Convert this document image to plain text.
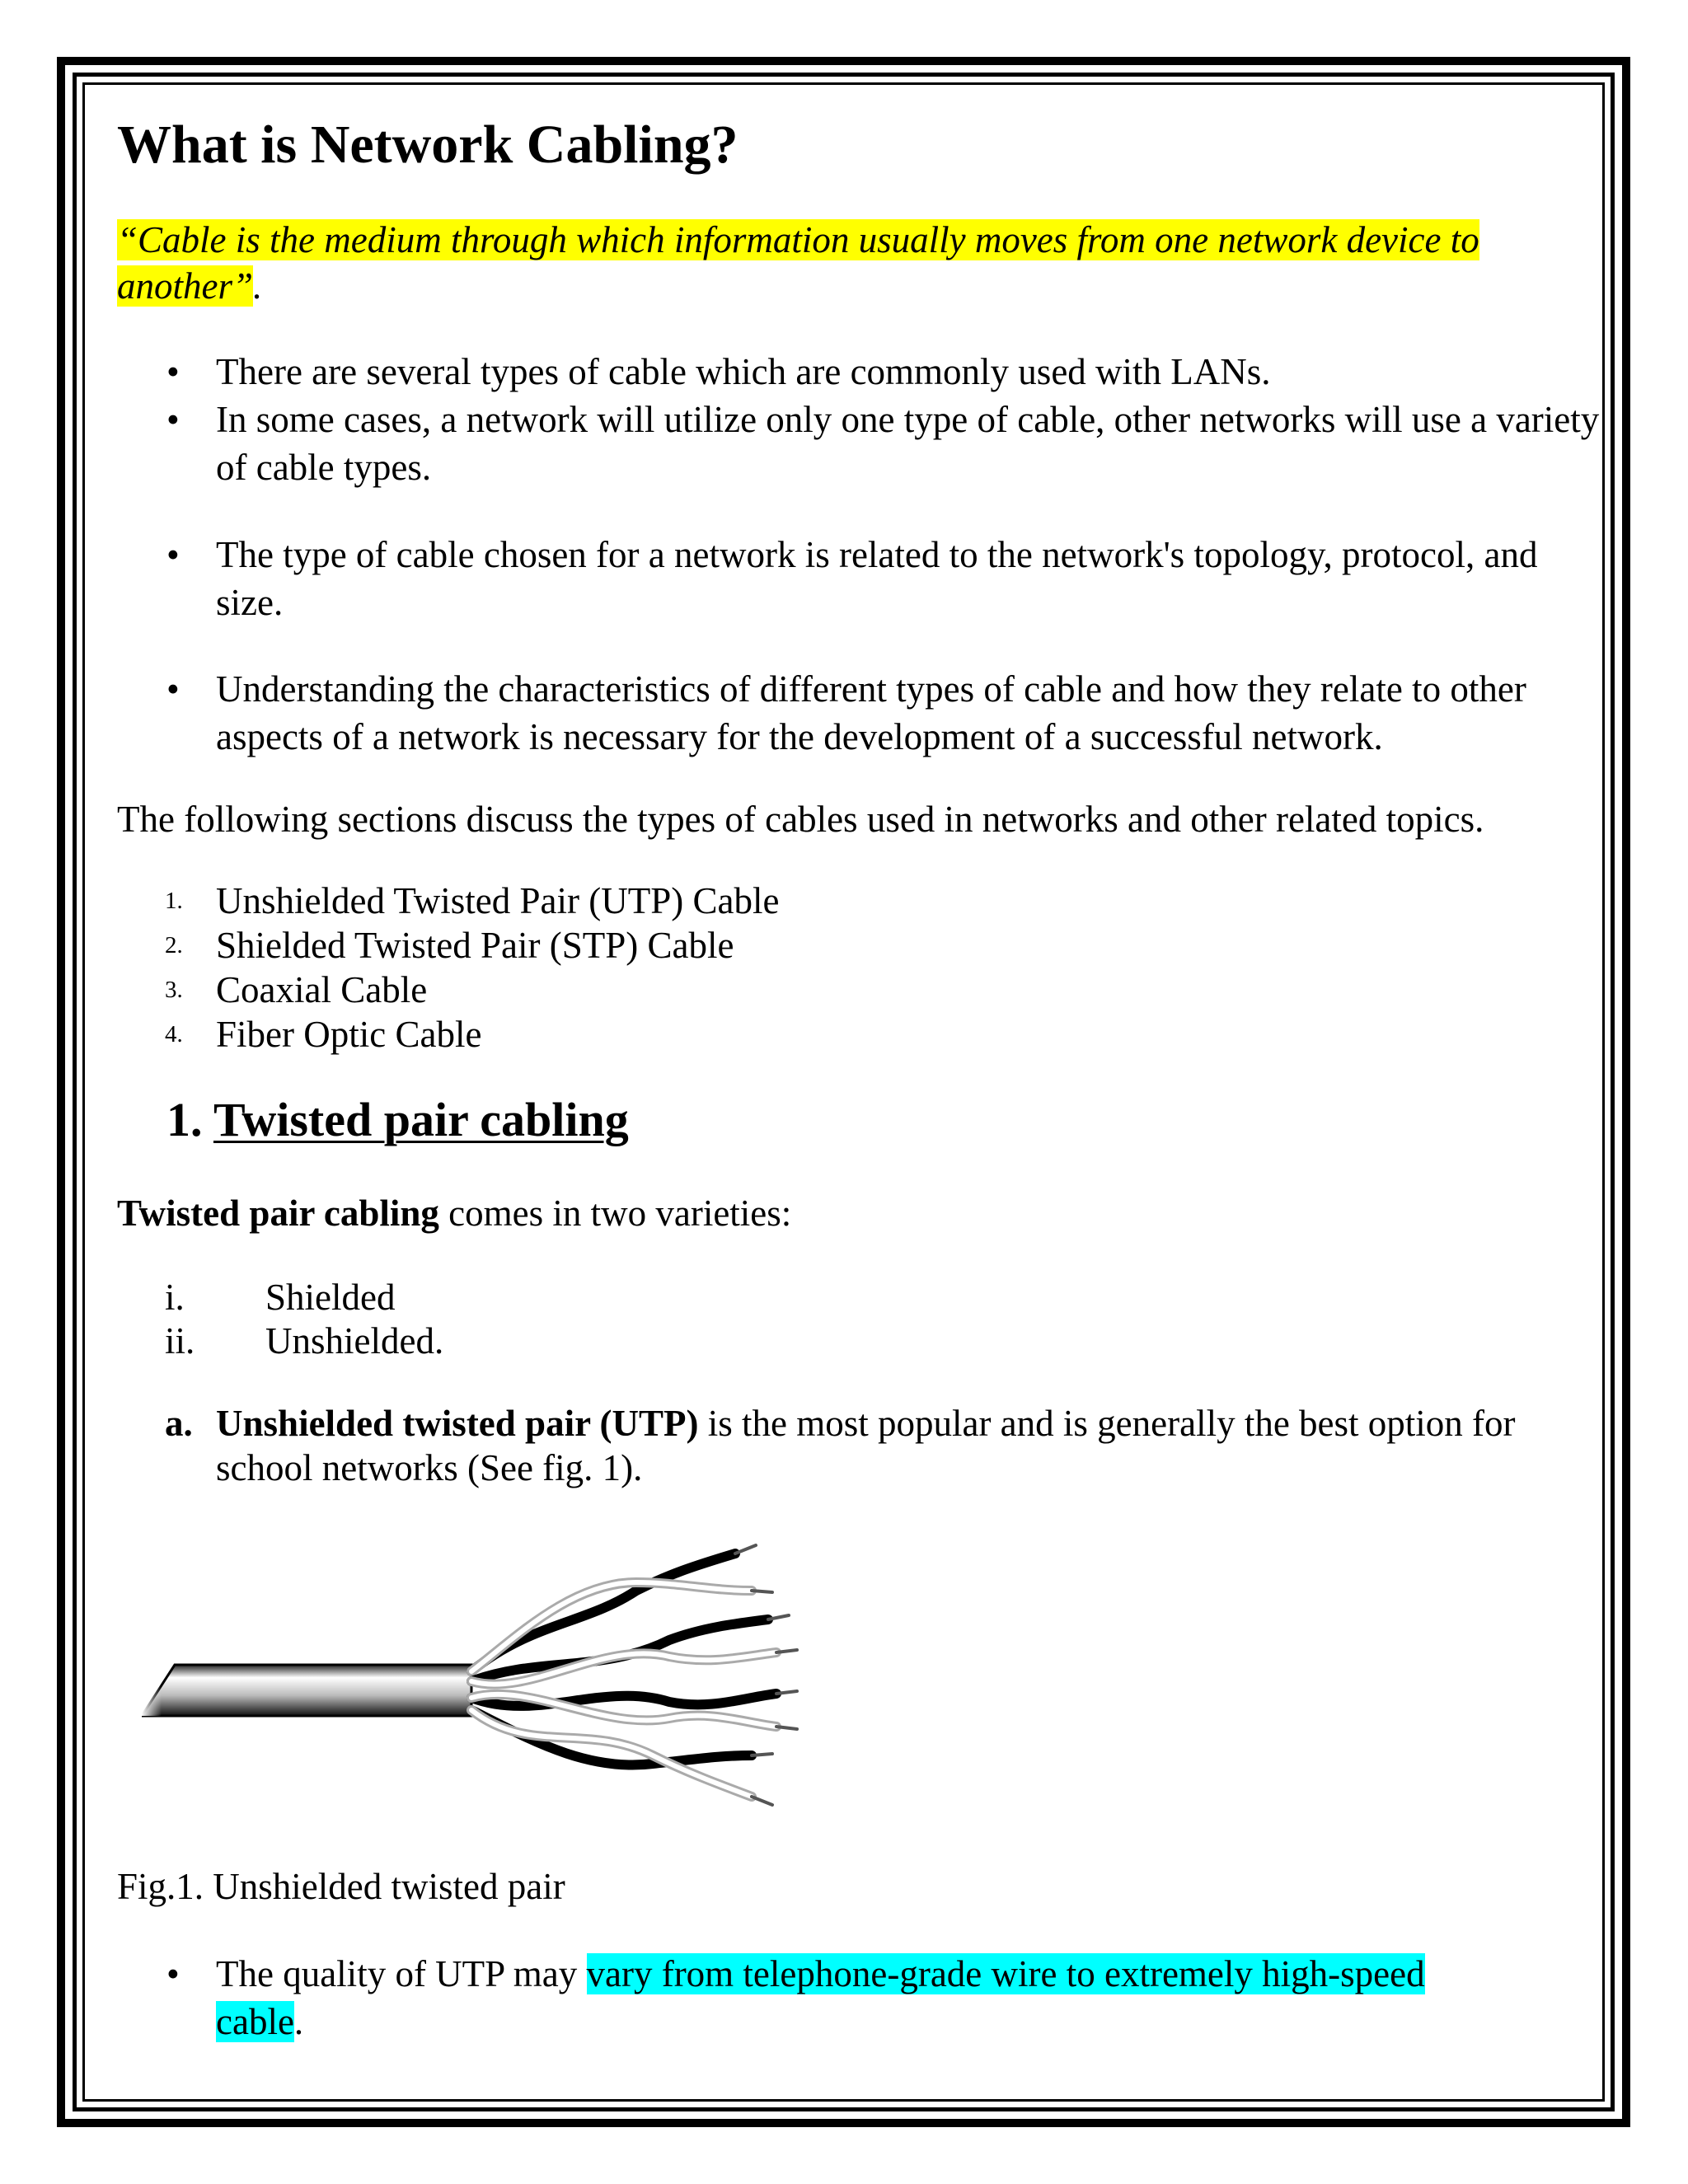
What is Network Cabling?
“Cable is the medium through which information usually moves from one network device to another”.
• There are several types of cable which are commonly used with LANs.
• In some cases, a network will utilize only one type of cable, other networks will use a variety of cable types.
• The type of cable chosen for a network is related to the network's topology, protocol, and size.
• Understanding the characteristics of different types of cable and how they relate to other aspects of a network is necessary for the development of a successful network.
The following sections discuss the types of cables used in networks and other related topics.
1. Unshielded Twisted Pair (UTP) Cable
2. Shielded Twisted Pair (STP) Cable
3. Coaxial Cable
4. Fiber Optic Cable
1. Twisted pair cabling
Twisted pair cabling comes in two varieties:
i. Shielded
ii. Unshielded.
a. Unshielded twisted pair (UTP) is the most popular and is generally the best option for school networks (See fig. 1).
Fig.1. Unshielded twisted pair
• The quality of UTP may vary from telephone-grade wire to extremely high-speed cable.
